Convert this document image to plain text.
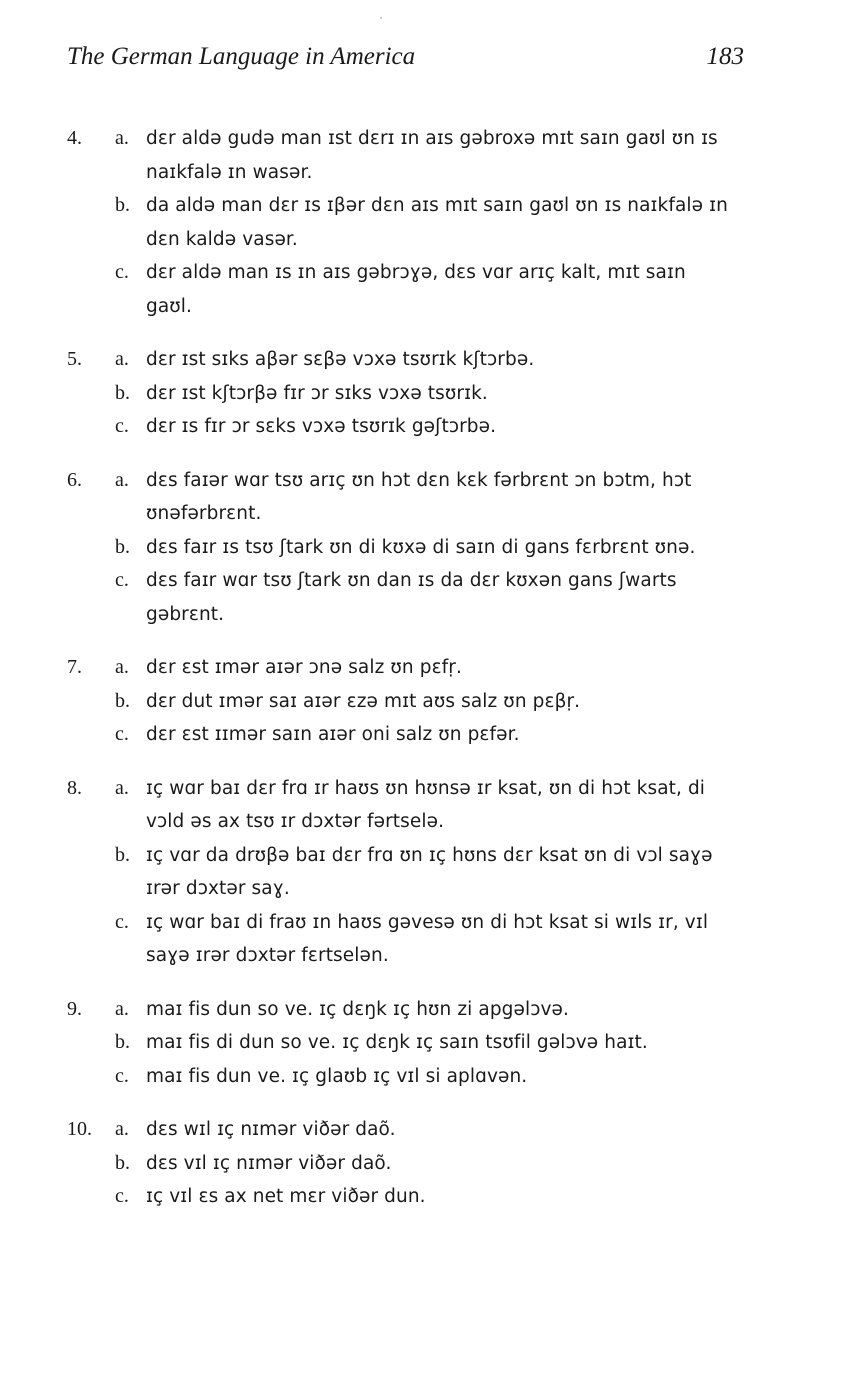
The German Language in America	183
4. a. dɛr aldə gudə man ɪst dɛrɪ ɪn aɪs gəbroxə mɪt saɪn gaʊl ʊn ɪs naɪkfalə ɪn wasər.
b. da aldə man dɛr ɪs ɪβər dɛn aɪs mɪt saɪn gaʊl ʊn ɪs naɪkfalə ɪn dɛn kaldə vasər.
c. dɛr aldə man ɪs ɪn aɪs gəbrɔɣə, dɛs vɑr arɪç kalt, mɪt saɪn gaʊl.
5. a. dɛr ɪst sɪks aβər sɛβə vɔxə tsʊrɪk kʃtɔrbə.
b. dɛr ɪst kʃtɔrβə fɪr ɔr sɪks vɔxə tsʊrɪk.
c. dɛr ɪs fɪr ɔr sɛks vɔxə tsʊrɪk gəʃtɔrbə.
6. a. dɛs faɪər wɑr tsʊ arɪç ʊn hɔt dɛn kɛk fərbrɛnt ɔn bɔtm, hɔt ʊnəfərbrɛnt.
b. dɛs faɪr ɪs tsʊ ʃtark ʊn di kʊxə di saɪn di gans fɛrbrɛnt ʊnə.
c. dɛs faɪr wɑr tsʊ ʃtark ʊn dan ɪs da dɛr kʊxən gans ʃwarts gəbrɛnt.
7. a. dɛr ɛst ɪmər aɪər ɔnə salz ʊn pɛfṛ.
b. dɛr dut ɪmər saɪ aɪər ɛzə mɪt aʊs salz ʊn pɛβṛ.
c. dɛr ɛst ɪɪmər saɪn aɪər oni salz ʊn pɛfər.
8. a. ɪç wɑr baɪ dɛr frɑ ɪr haʊs ʊn hʊnsə ɪr ksat, ʊn di hɔt ksat, di vɔld əs ax tsʊ ɪr dɔxtər fərtselə.
b. ɪç vɑr da drʊβə baɪ dɛr frɑ ʊn ɪç hʊns dɛr ksat ʊn di vɔl saɣə ɪrər dɔxtər saɣ.
c. ɪç wɑr baɪ di fraʊ ɪn haʊs gəvesə ʊn di hɔt ksat si wɪls ɪr, vɪl saɣə ɪrər dɔxtər fɛrtselən.
9. a. maɪ fis dun so ve. ɪç dɛŋk ɪç hʊn zi apgəlɔvə.
b. maɪ fis di dun so ve. ɪç dɛŋk ɪç saɪn tsʊfil gəlɔvə haɪt.
c. maɪ fis dun ve. ɪç glaʊb ɪç vɪl si aplɑvən.
10. a. dɛs wɪl ɪç nɪmər viðər daõ.
b. dɛs vɪl ɪç nɪmər viðər daõ.
c. ɪç vɪl ɛs ax net mɛr viðər dun.
